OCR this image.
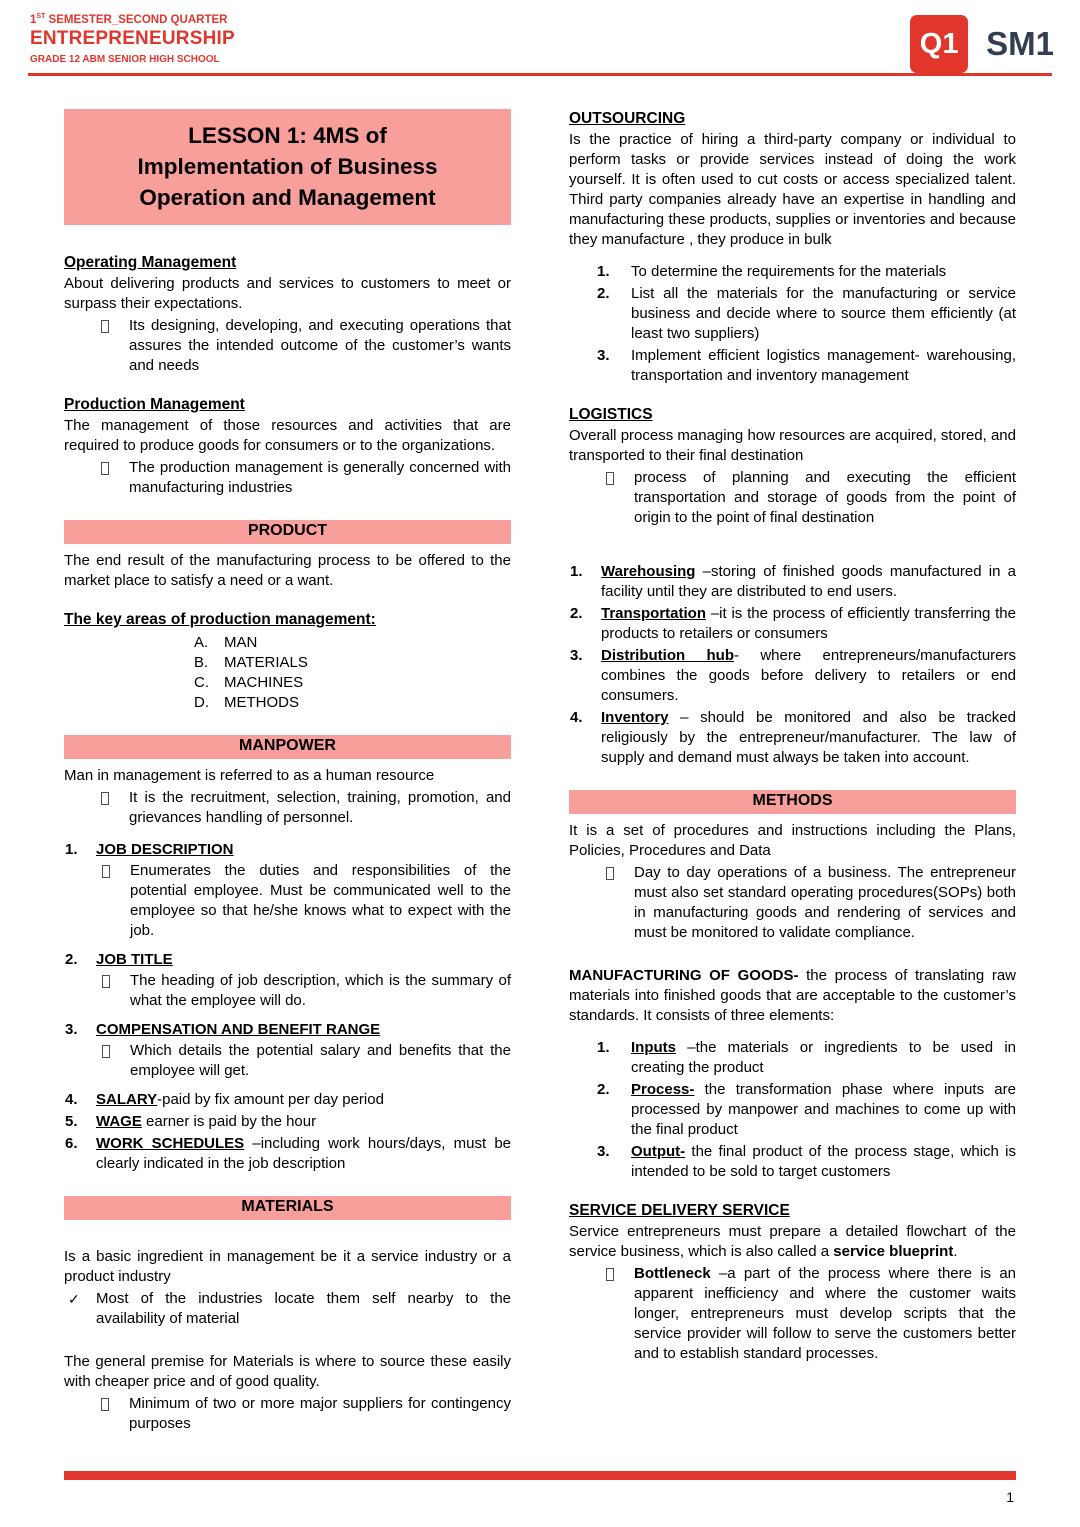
1ST SEMESTER_SECOND QUARTER
ENTREPRENEURSHIP
GRADE 12 ABM SENIOR HIGH SCHOOL	Q1 SM1
LESSON 1: 4MS of
Implementation of Business
Operation and Management
Operating Management
About delivering products and services to customers to meet or surpass their expectations.
Its designing, developing, and executing operations that assures the intended outcome of the customer’s wants and needs
Production Management
The management of those resources and activities that are required to produce goods for consumers or to the organizations.
The production management is generally concerned with manufacturing industries
PRODUCT
The end result of the manufacturing process to be offered to the market place to satisfy a need or a want.
The key areas of production management:
A.	MAN
B.	MATERIALS
C.	MACHINES
D.	METHODS
MANPOWER
Man in management is referred to as a human resource
It is the recruitment, selection, training, promotion, and grievances handling of personnel.
1.	JOB DESCRIPTION
Enumerates the duties and responsibilities of the potential employee. Must be communicated well to the employee so that he/she knows what to expect with the job.
2.	JOB TITLE
The heading of job description, which is the summary of what the employee will do.
3.	COMPENSATION AND BENEFIT RANGE
Which details the potential salary and benefits that the employee will get.
4.	SALARY-paid by fix amount per day period
5.	WAGE earner is paid by the hour
6.	WORK SCHEDULES –including work hours/days, must be clearly indicated in the job description
MATERIALS
Is a basic ingredient in management be it a service industry or a product industry
✓	Most of the industries locate them self nearby to the availability of material
The general premise for Materials is where to source these easily with cheaper price and of good quality.
Minimum of two or more major suppliers for contingency purposes
OUTSOURCING
Is the practice of hiring a third-party company or individual to perform tasks or provide services instead of doing the work yourself. It is often used to cut costs or access specialized talent. Third party companies already have an expertise in handling and manufacturing these products, supplies or inventories and because they manufacture , they produce in bulk
1.	To determine the requirements for the materials
2.	List all the materials for the manufacturing or service business and decide where to source them efficiently (at least two suppliers)
3.	Implement efficient logistics management- warehousing, transportation and inventory management
LOGISTICS
Overall process managing how resources are acquired, stored, and transported to their final destination
process of planning and executing the efficient transportation and storage of goods from the point of origin to the point of final destination
1.	Warehousing –storing of finished goods manufactured in a facility until they are distributed to end users.
2.	Transportation –it is the process of efficiently transferring the products to retailers or consumers
3.	Distribution hub- where entrepreneurs/manufacturers combines the goods before delivery to retailers or end consumers.
4.	Inventory – should be monitored and also be tracked religiously by the entrepreneur/manufacturer. The law of supply and demand must always be taken into account.
METHODS
It is a set of procedures and instructions including the Plans, Policies, Procedures and Data
Day to day operations of a business. The entrepreneur must also set standard operating procedures(SOPs) both in manufacturing goods and rendering of services and must be monitored to validate compliance.
MANUFACTURING OF GOODS- the process of translating raw materials into finished goods that are acceptable to the customer’s standards. It consists of three elements:
1.	Inputs –the materials or ingredients to be used in creating the product
2.	Process- the transformation phase where inputs are processed by manpower and machines to come up with the final product
3.	Output- the final product of the process stage, which is intended to be sold to target customers
SERVICE DELIVERY SERVICE
Service entrepreneurs must prepare a detailed flowchart of the service business, which is also called a service blueprint.
Bottleneck –a part of the process where there is an apparent inefficiency and where the customer waits longer, entrepreneurs must develop scripts that the service provider will follow to serve the customers better and to establish standard processes.
1
